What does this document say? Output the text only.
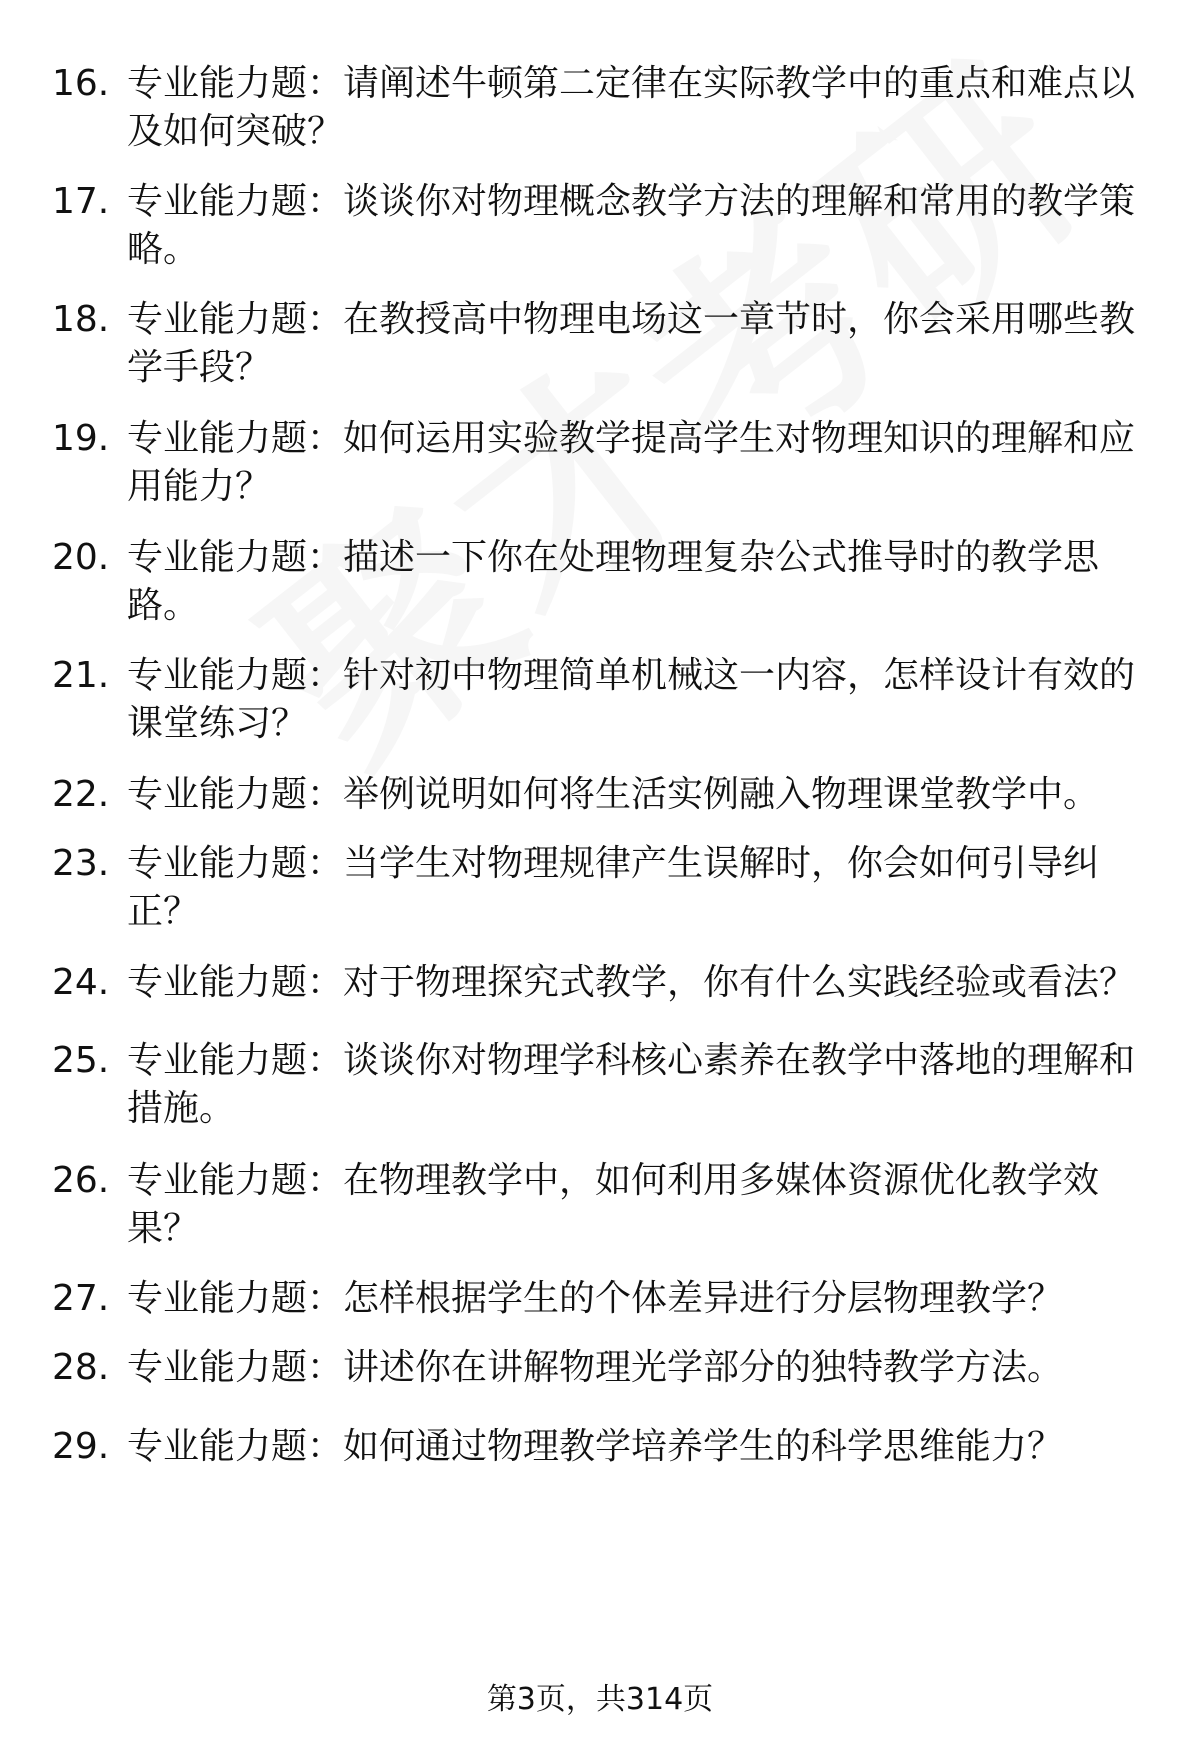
16. 专业能力题：请阐述牛顿第二定律在实际教学中的重点和难点以及如何突破？
17. 专业能力题：谈谈你对物理概念教学方法的理解和常用的教学策略。
18. 专业能力题：在教授高中物理电场这一章节时，你会采用哪些教学手段？
19. 专业能力题：如何运用实验教学提高学生对物理知识的理解和应用能力？
20. 专业能力题：描述一下你在处理物理复杂公式推导时的教学思路。
21. 专业能力题：针对初中物理简单机械这一内容，怎样设计有效的课堂练习？
22. 专业能力题：举例说明如何将生活实例融入物理课堂教学中。
23. 专业能力题：当学生对物理规律产生误解时，你会如何引导纠正？
24. 专业能力题：对于物理探究式教学，你有什么实践经验或看法？
25. 专业能力题：谈谈你对物理学科核心素养在教学中落地的理解和措施。
26. 专业能力题：在物理教学中，如何利用多媒体资源优化教学效果？
27. 专业能力题：怎样根据学生的个体差异进行分层物理教学？
28. 专业能力题：讲述你在讲解物理光学部分的独特教学方法。
29. 专业能力题：如何通过物理教学培养学生的科学思维能力？
第3页，共314页
